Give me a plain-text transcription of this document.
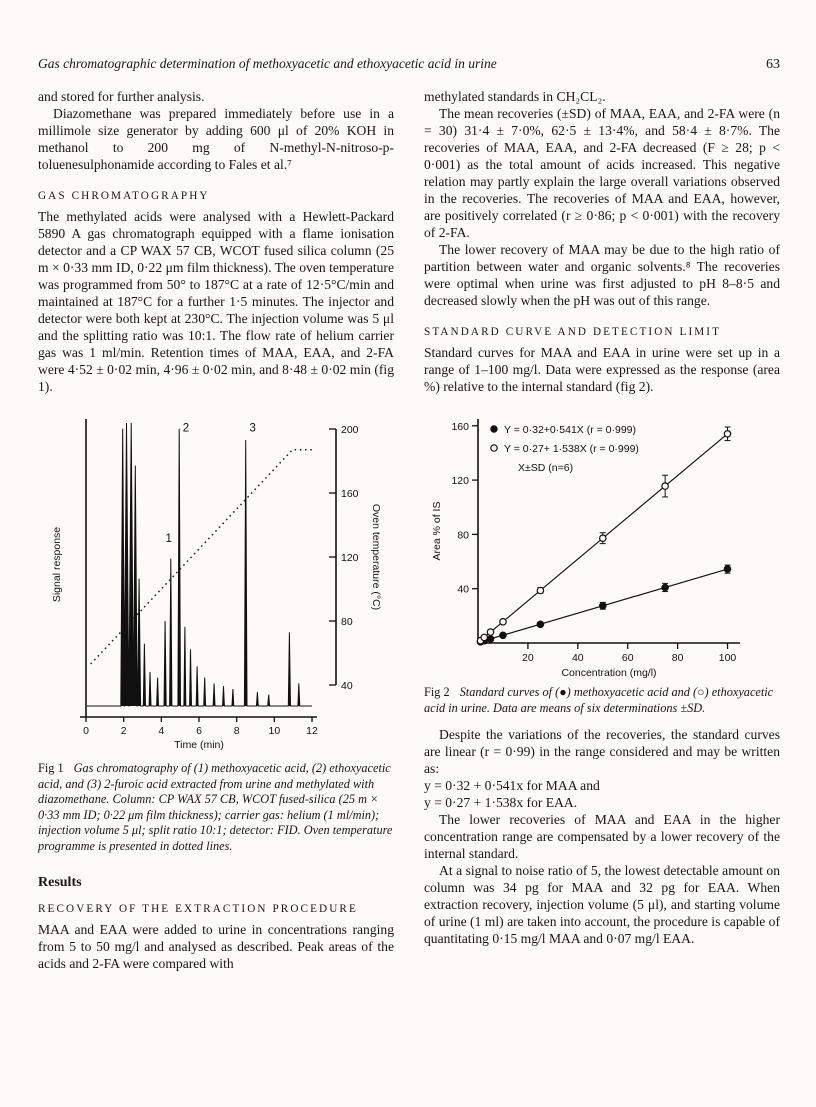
Gas chromatographic determination of methoxyacetic and ethoxyacetic acid in urine	63

and stored for further analysis.

Diazomethane was prepared immediately before use in a millimole size generator by adding 600 μl of 20% KOH in methanol to 200 mg of N-methyl-N-nitroso-p-toluenesulphonamide according to Fales et al.⁷

GAS CHROMATOGRAPHY

The methylated acids were analysed with a Hewlett-Packard 5890 A gas chromatograph equipped with a flame ionisation detector and a CP WAX 57 CB, WCOT fused silica column (25 m × 0·33 mm ID, 0·22 μm film thickness). The oven temperature was programmed from 50° to 187°C at a rate of 12·5°C/min and maintained at 187°C for a further 1·5 minutes. The injector and detector were both kept at 230°C. The injection volume was 5 μl and the splitting ratio was 10:1. The flow rate of helium carrier gas was 1 ml/min. Retention times of MAA, EAA, and 2-FA were 4·52 ± 0·02 min, 4·96 ± 0·02 min, and 8·48 ± 0·02 min (fig 1).

0	2	4	6	8	10 12
Time (min)
Signal response
40
80
120
160
200
Oven temperature (°C)
1
2	3

Fig 1 Gas chromatography of (1) methoxyacetic acid, (2) ethoxyacetic acid, and (3) 2-furoic acid extracted from urine and methylated with diazomethane. Column: CP WAX 57 CB, WCOT fused-silica (25 m × 0·33 mm ID; 0·22 μm film thickness); carrier gas: helium (1 ml/min); injection volume 5 μl; split ratio 10:1; detector: FID. Oven temperature programme is presented in dotted lines.

Results
RECOVERY OF THE EXTRACTION PROCEDURE

MAA and EAA were added to urine in concentrations ranging from 5 to 50 mg/l and analysed as described. Peak areas of the acids and 2-FA were compared with

methylated standards in CH₂CL₂.

The mean recoveries (±SD) of MAA, EAA, and 2-FA were (n = 30) 31·4 ± 7·0%, 62·5 ± 13·4%, and 58·4 ± 8·7%. The recoveries of MAA, EAA, and 2-FA decreased (F ≥ 28; p < 0·001) as the total amount of acids increased. This negative relation may partly explain the large overall variations observed in the recoveries. The recoveries of MAA and EAA, however, are positively correlated (r ≥ 0·86; p < 0·001) with the recovery of 2-FA.

The lower recovery of MAA may be due to the high ratio of partition between water and organic solvents.⁸ The recoveries were optimal when urine was first adjusted to pH 8–8·5 and decreased slowly when the pH was out of this range.

STANDARD CURVE AND DETECTION LIMIT

Standard curves for MAA and EAA in urine were set up in a range of 1–100 mg/l. Data were expressed as the response (area %) relative to the internal standard (fig 2).

40
80
120
160
20	40	60	80	100
Concentration (mg/l)
Area % of IS
Y = 0·32+0·541X (r = 0·999)
Y = 0·27+ 1·538X (r = 0·999)
X±SD (n=6)

Fig 2 Standard curves of (●) methoxyacetic acid and (○) ethoxyacetic acid in urine. Data are means of six determinations ±SD.

Despite the variations of the recoveries, the standard curves are linear (r = 0·99) in the range considered and may be written as:

y = 0·32 + 0·541x for MAA and

y = 0·27 + 1·538x for EAA.

The lower recoveries of MAA and EAA in the higher concentration range are compensated by a lower recovery of the internal standard.

At a signal to noise ratio of 5, the lowest detectable amount on column was 34 pg for MAA and 32 pg for EAA. When extraction recovery, injection volume (5 μl), and starting volume of urine (1 ml) are taken into account, the procedure is capable of quantitating 0·15 mg/l MAA and 0·07 mg/l EAA.
